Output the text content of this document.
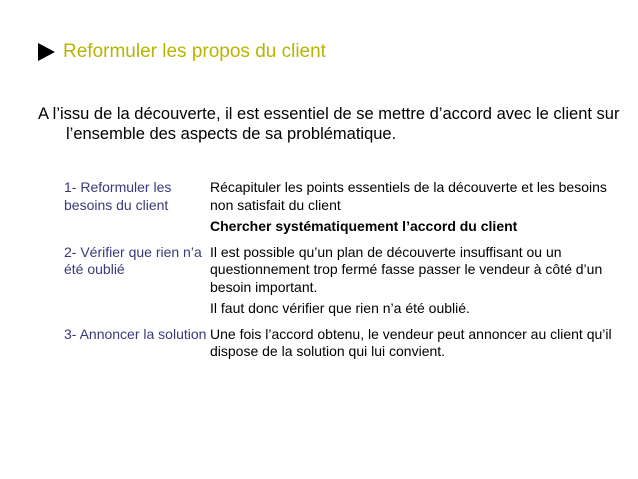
Reformuler les propos du client

A l’issu de la découverte, il est essentiel de se mettre d’accord avec le client sur l’ensemble des aspects de sa problématique.

1- Reformuler les besoins du client

Récapituler les points essentiels de la découverte et les besoins non satisfait du client

Chercher systématiquement l’accord du client

2- Vérifier que rien n’a été oublié

Il est possible qu’un plan de découverte insuffisant ou un questionnement trop fermé fasse passer le vendeur à côté d’un besoin important.

Il faut donc vérifier que rien n’a été oublié.

3- Annoncer la solution Une fois l’accord obtenu, le vendeur peut annoncer au client qu’il dispose de la solution qui lui convient.
